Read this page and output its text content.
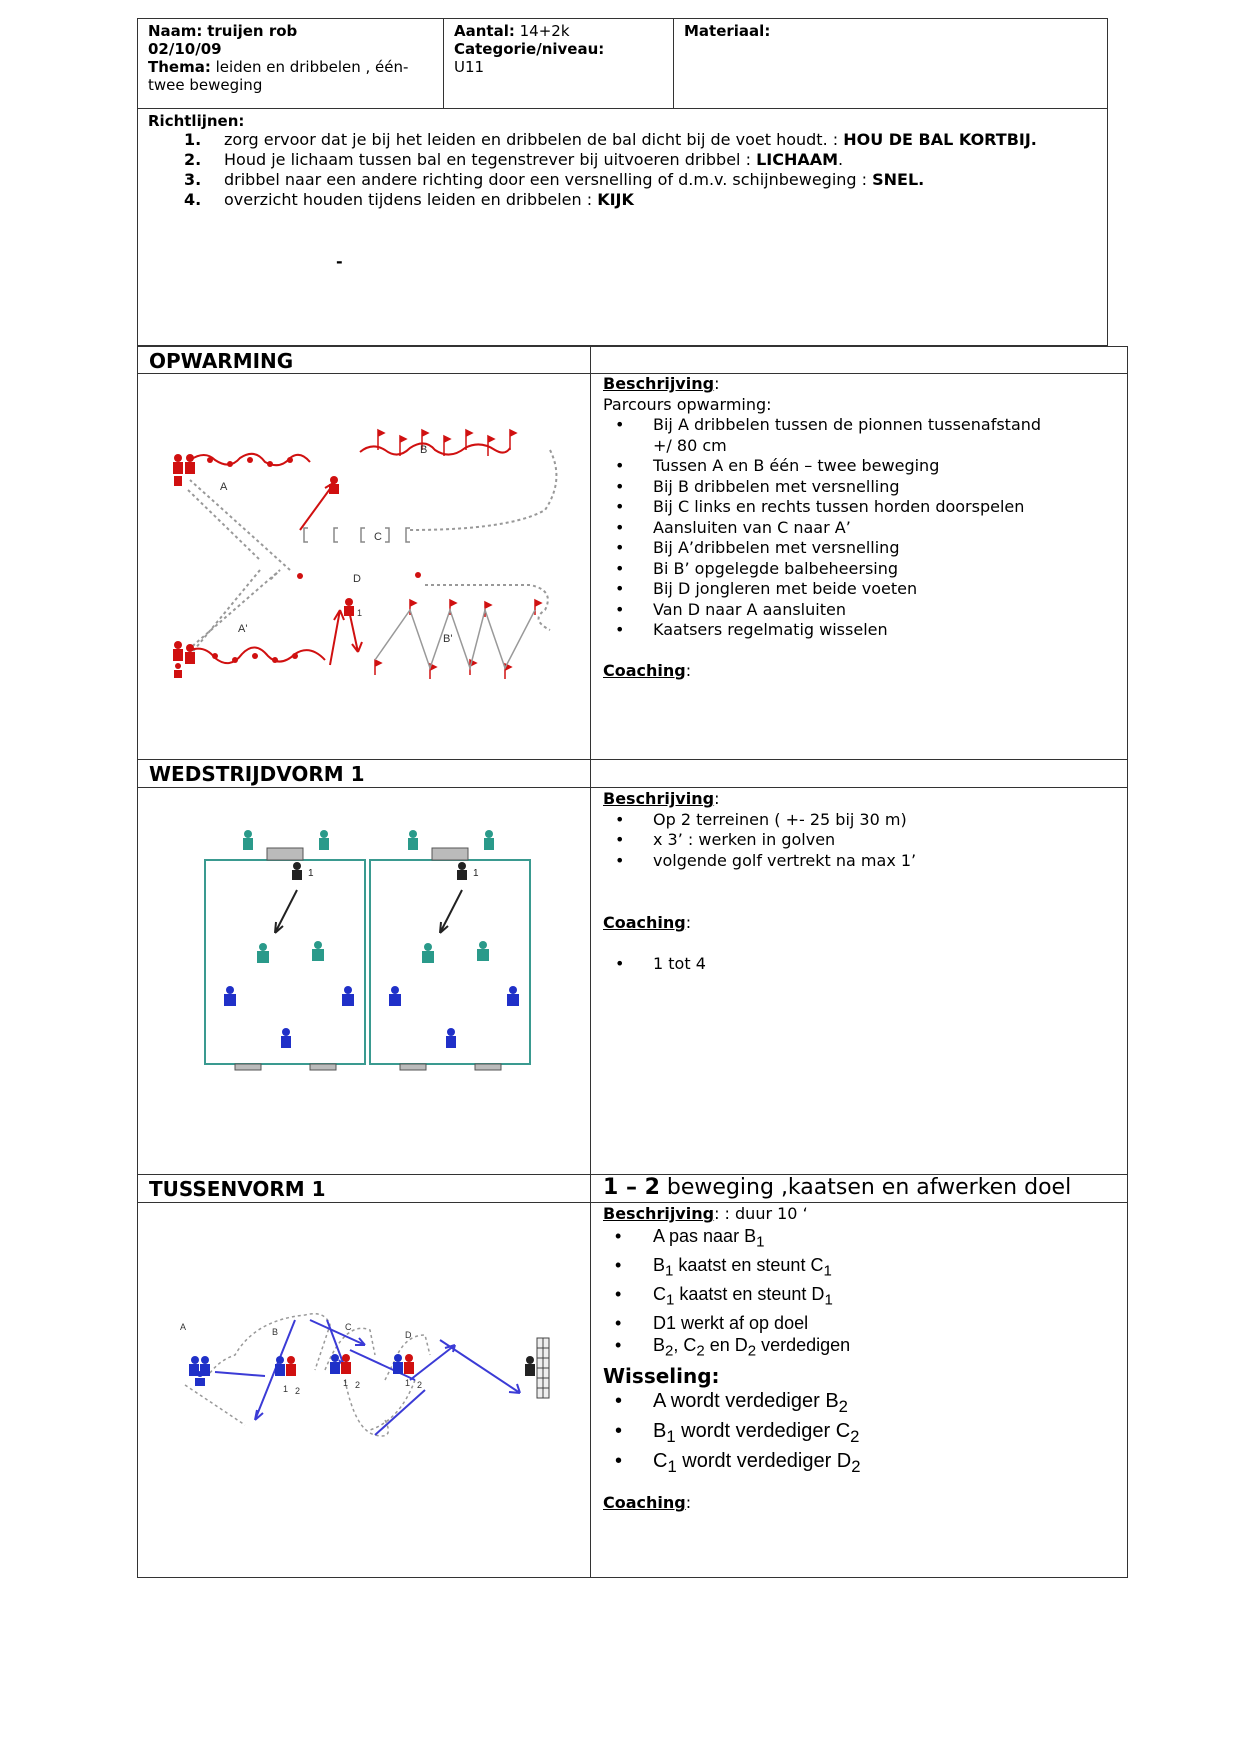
Naam: truijen rob
02/10/09
Thema: leiden en dribbelen , één-twee beweging
Aantal: 14+2k
Categorie/niveau:
U11
Materiaal:
Richtlijnen:
1. zorg ervoor dat je bij het leiden en dribbelen de bal dicht bij de voet houdt. : HOU DE BAL KORTBIJ.
2. Houd je lichaam tussen bal en tegenstrever bij uitvoeren dribbel : LICHAAM.
3. dribbel naar een andere richting door een versnelling of d.m.v. schijnbeweging : SNEL.
4. overzicht houden tijdens leiden en dribbelen : KIJK
-
OPWARMING
Beschrijving:
Parcours opwarming:
• Bij A dribbelen tussen de pionnen tussenafstand +/ 80 cm
• Tussen A en B één – twee beweging
• Bij B dribbelen met versnelling
• Bij C links en rechts tussen horden doorspelen
• Aansluiten van C naar A’
• Bij A’dribbelen met versnelling
• Bi B’ opgelegde balbeheersing
• Bij D jongleren met beide voeten
• Van D naar A aansluiten
• Kaatsers regelmatig wisselen
Coaching:
A
B
C
D
A'
B'
1
WEDSTRIJDVORM 1
Beschrijving:
• Op 2 terreinen ( +- 25 bij 30 m)
• x 3’ : werken in golven
• volgende golf vertrekt na max 1’
Coaching:
• 1 tot 4
1	1
TUSSENVORM 1	1 – 2 beweging ,kaatsen en afwerken doel
Beschrijving: : duur 10 ‘
• A pas naar $B_1$
• $B_1$ kaatst en steunt $C_1$
• $C_1$ kaatst en steunt $D_1$
• D1 werkt af op doel
• $B_2$, $C_2$ en $D_2$ verdedigen
Wisseling:
• A wordt verdediger $B_2$
• $B_1$ wordt verdediger $C_2$
• $C_1$ wordt verdediger $D_2$
Coaching:
A	B	C
D
1 2
1 2	1 2
